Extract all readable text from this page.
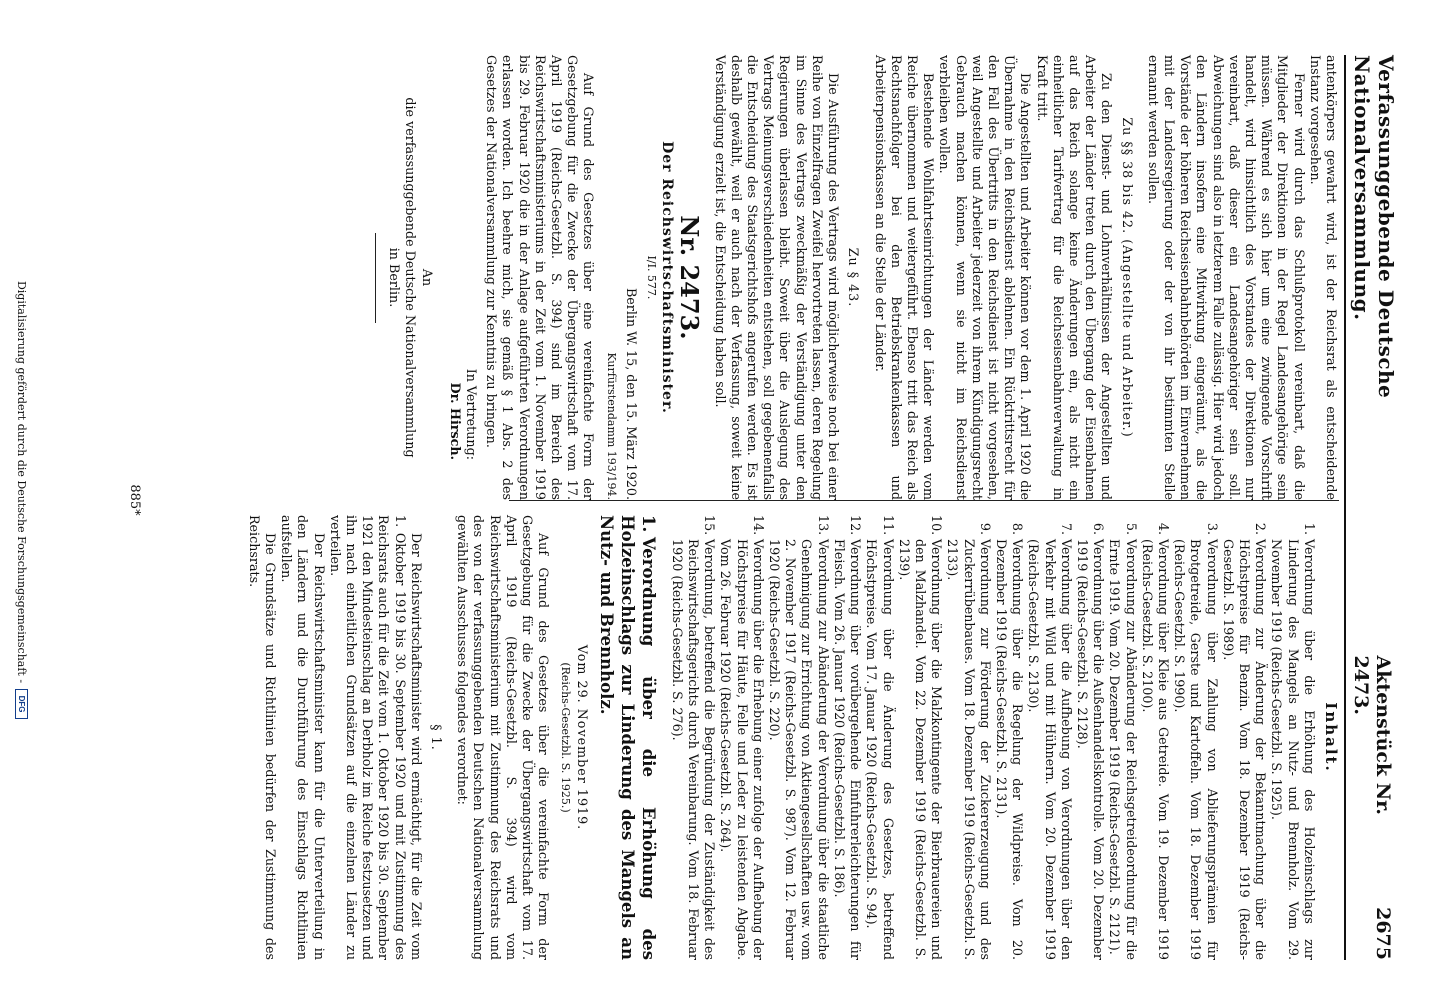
Verfassunggebende Deutsche Nationalversammlung.
Aktenstück Nr. 2473.
2675

antenkörpers gewahrt wird, ist der Reichsrat als entscheidende Instanz vorgesehen.

Ferner wird durch das Schlußprotokoll vereinbart, daß die Mitglieder der Direktionen in der Regel Landesangehörige sein müssen. Während es sich hier um eine zwingende Vorschrift handelt, wird hinsichtlich des Vorstandes der Direktionen nur vereinbart, daß dieser ein Landesangehöriger sein soll. Abweichungen sind also in letzterem Falle zulässig. Hier wird jedoch den Ländern insofern eine Mitwirkung eingeräumt, als die Vorstände der höheren Reichseisenbahnbehörden im Einvernehmen mit der Landesregierung oder der von ihr bestimmten Stelle ernannt werden sollen.

Zu §§ 38 bis 42. (Angestellte und Arbeiter.)

Zu den Dienst- und Lohnverhältnissen der Angestellten und Arbeiter der Länder treten durch den Übergang der Eisenbahnen auf das Reich solange keine Änderungen ein, als nicht ein einheitlicher Tarifvertrag für die Reichseisenbahnverwaltung in Kraft tritt.

Die Angestellten und Arbeiter können vor dem 1. April 1920 die Übernahme in den Reichsdienst ablehnen. Ein Rücktrittsrecht für den Fall des Übertritts in den Reichsdienst ist nicht vorgesehen, weil Angestellte und Arbeiter jederzeit von ihrem Kündigungsrecht Gebrauch machen können, wenn sie nicht im Reichsdienst verbleiben wollen.

Bestehende Wohlfahrtseinrichtungen der Länder werden vom Reiche übernommen und weitergeführt. Ebenso tritt das Reich als Rechtsnachfolger bei den Betriebskrankenkassen und Arbeiterpensionskassen an die Stelle der Länder.

Zu § 43.

Die Ausführung des Vertrags wird möglicherweise noch bei einer Reihe von Einzelfragen Zweifel hervortreten lassen, deren Regelung im Sinne des Vertrags zweckmäßig der Verständigung unter den Regierungen überlassen bleibt. Soweit über die Auslegung des Vertrags Meinungsverschiedenheiten entstehen, soll gegebenenfalls die Entscheidung des Staatsgerichtshofs angerufen werden. Es ist deshalb gewählt, weil er auch nach der Verfassung, soweit keine Verständigung erzielt ist, die Entscheidung haben soll.

Nr. 2473.
Der Reichswirtschaftsminister.
I/I. 577.
Berlin W. 15, den 15. März 1920.
Kurfürstendamm 193/194.

Auf Grund des Gesetzes über eine vereinfachte Form der Gesetzgebung für die Zwecke der Übergangswirtschaft vom 17. April 1919 (Reichs-Gesetzbl. S. 394) sind im Bereich des Reichswirtschaftsministeriums in der Zeit vom 1. November 1919 bis 29. Februar 1920 die in der Anlage aufgeführten Verordnungen erlassen worden. Ich beehre mich, sie gemäß § 1 Abs. 2 des Gesetzes der Nationalversammlung zur Kenntnis zu bringen.

In Vertretung:
Dr. Hirsch.
An
die verfassunggebende Deutsche Nationalversammlung
in Berlin.
Inhalt.
1.
Verordnung über die Erhöhung des Holzeinschlags zur Linderung des Mangels an Nutz- und Brennholz. Vom 29. November 1919 (Reichs-Gesetzbl. S. 1925).
2.
Verordnung zur Änderung der Bekanntmachung über die Höchstpreise für Benzin. Vom 18. Dezember 1919 (Reichs-Gesetzbl. S. 1989).
3.
Verordnung über Zahlung von Ablieferungsprämien für Brotgetreide, Gerste und Kartoffeln. Vom 18. Dezember 1919 (Reichs-Gesetzbl. S. 1990).
4.
Verordnung über Kleie aus Getreide. Vom 19. Dezember 1919 (Reichs-Gesetzbl. S. 2100).
5.
Verordnung zur Abänderung der Reichsgetreideordnung für die Ernte 1919. Vom 20. Dezember 1919 (Reichs-Gesetzbl. S. 2121).
6.
Verordnung über die Außenhandelskontrolle. Vom 20. Dezember 1919 (Reichs-Gesetzbl. S. 2128).
7.
Verordnung über die Aufhebung von Verordnungen über den Verkehr mit Wild und mit Hühnern. Vom 20. Dezember 1919 (Reichs-Gesetzbl. S. 2130).
8.
Verordnung über die Regelung der Wildpreise. Vom 20. Dezember 1919 (Reichs-Gesetzbl. S. 2131).
9.
Verordnung zur Förderung der Zuckererzeugung und des Zuckerrübenbaues. Vom 18. Dezember 1919 (Reichs-Gesetzbl. S. 2133).
10.
Verordnung über die Malzkontingente der Bierbrauereien und den Malzhandel. Vom 22. Dezember 1919 (Reichs-Gesetzbl. S. 2139).
11.
Verordnung über die Änderung des Gesetzes, betreffend Höchstpreise. Vom 17. Januar 1920 (Reichs-Gesetzbl. S. 94).
12.
Verordnung über vorübergehende Einfuhrerleichterungen für Fleisch. Vom 26. Januar 1920 (Reichs-Gesetzbl. S. 186).
13.
Verordnung zur Abänderung der Verordnung über die staatliche Genehmigung zur Errichtung von Aktiengesellschaften usw. vom 2. November 1917 (Reichs-Gesetzbl. S. 987). Vom 12. Februar 1920 (Reichs-Gesetzbl. S. 220).
14.
Verordnung über die Erhebung einer zufolge der Aufhebung der Höchstpreise für Häute, Felle und Leder zu leistenden Abgabe. Vom 26. Februar 1920 (Reichs-Gesetzbl. S. 264).
15.
Verordnung, betreffend die Begründung der Zuständigkeit des Reichswirtschaftsgerichts durch Vereinbarung. Vom 18. Februar 1920 (Reichs-Gesetzbl. S. 276).
1.Verordnung über die Erhöhung des Holzeinschlags zur Linderung des Mangels an Nutz- und Brennholz.
Vom 29. November 1919.
(Reichs-Gesetzbl. S. 1925.)

Auf Grund des Gesetzes über die vereinfachte Form der Gesetzgebung für die Zwecke der Übergangswirtschaft vom 17. April 1919 (Reichs-Gesetzbl. S. 394) wird vom Reichswirtschaftsministerium mit Zustimmung des Reichsrats und des von der verfassunggebenden Deutschen Nationalversammlung gewählten Ausschusses folgendes verordnet:

§ 1.

Der Reichswirtschaftsminister wird ermächtigt, für die Zeit vom 1. Oktober 1919 bis 30. September 1920 und mit Zustimmung des Reichsrats auch für die Zeit vom 1. Oktober 1920 bis 30. September 1921 den Mindesteinschlag an Derbholz im Reiche festzusetzen und ihn nach einheitlichen Grundsätzen auf die einzelnen Länder zu verteilen.

Der Reichswirtschaftsminister kann für die Unterverteilung in den Ländern und die Durchführung des Einschlags Richtlinien aufstellen.

Die Grundsätze und Richtlinien bedürfen der Zustimmung des Reichsrats.

885*
Digitalisierung gefördert durch die Deutsche Forschungsgemeinschaft -
DFG
